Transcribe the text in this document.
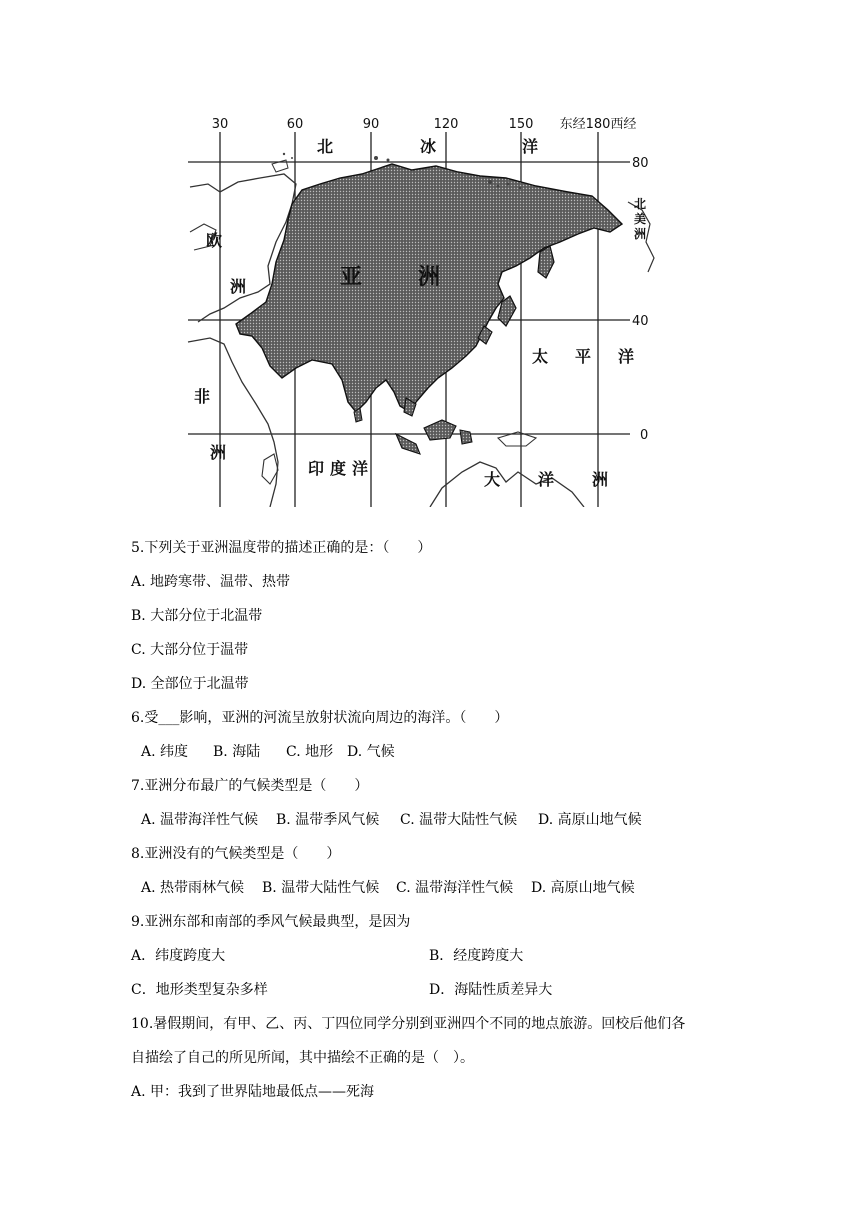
30	60	90	120	150 东经180西经
80
40
0
北	冰	洋
欧
洲	亚	洲
非
洲
印度洋
太 平 洋
大 洋 洲
北
美
洲
5.下列关于亚洲温度带的描述正确的是：（　　）
A. 地跨寒带、温带、热带
B. 大部分位于北温带
C. 大部分位于温带
D. 全部位于北温带
6.受___影响，亚洲的河流呈放射状流向周边的海洋。（　　）
A. 纬度 B. 海陆 C. 地形 D. 气候
7.亚洲分布最广的气候类型是（　　）
A. 温带海洋性气候 B. 温带季风气候 C. 温带大陆性气候 D. 高原山地气候
8.亚洲没有的气候类型是（　　）
A. 热带雨林气候 B. 温带大陆性气候 C. 温带海洋性气候 D. 高原山地气候
9.亚洲东部和南部的季风气候最典型，是因为
A．纬度跨度大	B．经度跨度大
C．地形类型复杂多样	D．海陆性质差异大
10.暑假期间，有甲、乙、丙、丁四位同学分别到亚洲四个不同的地点旅游。回校后他们各
自描绘了自己的所见所闻，其中描绘不正确的是（　）。
A. 甲：我到了世界陆地最低点——死海
